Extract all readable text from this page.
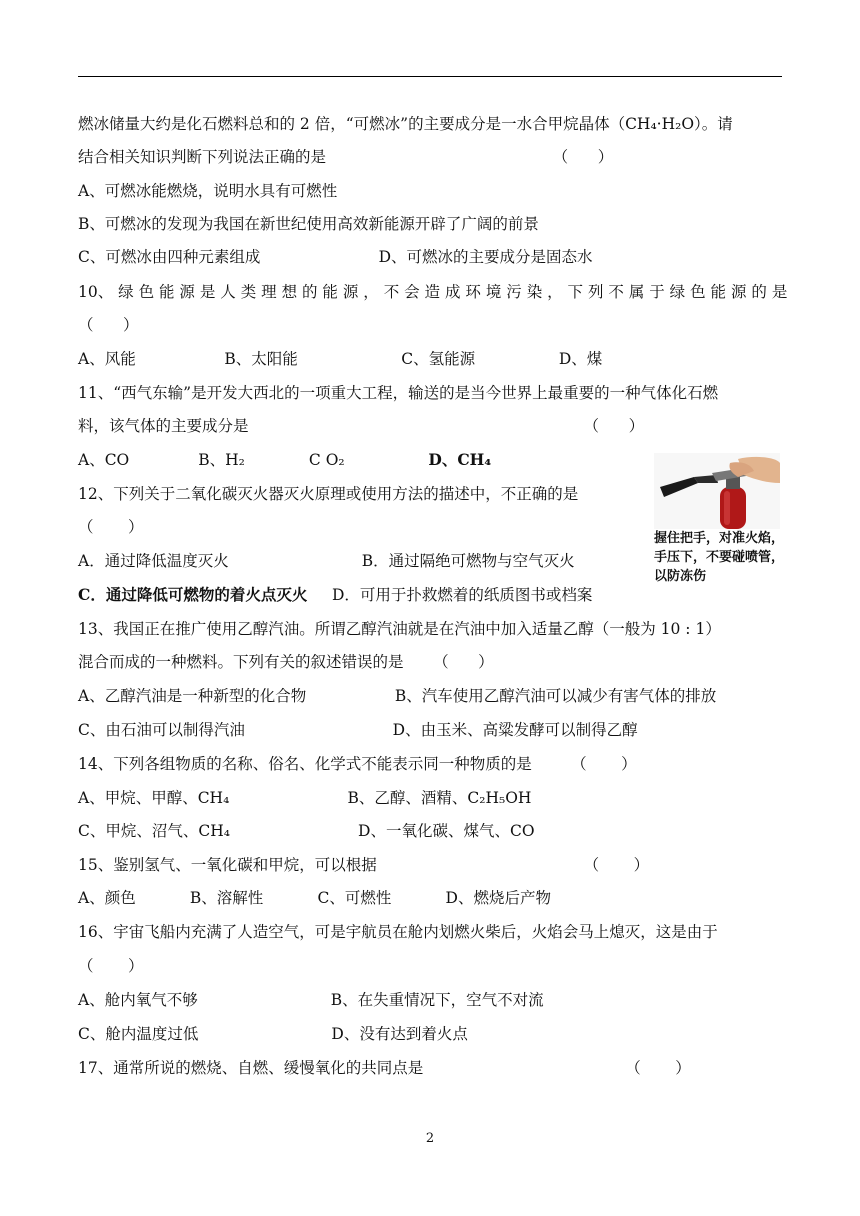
燃冰储量大约是化石燃料总和的 2 倍，“可燃冰”的主要成分是一水合甲烷晶体（CH₄·H₂O）。请
结合相关知识判断下列说法正确的是                                              （      ）
A、可燃冰能燃烧，说明水具有可燃性
B、可燃冰的发现为我国在新世纪使用高效新能源开辟了广阔的前景
C、可燃冰由四种元素组成                        D、可燃冰的主要成分是固态水
10、 绿 色 能 源 是 人 类 理 想 的 能 源 ， 不 会 造 成 环 境 污 染 ， 下 列 不 属 于 绿 色 能 源 的 是
（      ）
A、风能                  B、太阳能                     C、氢能源                 D、煤
11、“西气东输”是开发大西北的一项重大工程，输送的是当今世界上最重要的一种气体化石燃
料，该气体的主要成分是                                                                    （      ）
A、CO              B、H₂             C O₂                 D、CH₄
12、下列关于二氧化碳灭火器灭火原理或使用方法的描述中，不正确的是
（       ）
A．通过降低温度灭火                           B．通过隔绝可燃物与空气灭火
C．通过降低可燃物的着火点灭火     D．可用于扑救燃着的纸质图书或档案
13、我国正在推广使用乙醇汽油。所谓乙醇汽油就是在汽油中加入适量乙醇（一般为 10 : 1）
混合而成的一种燃料。下列有关的叙述错误的是      （      ）
A、乙醇汽油是一种新型的化合物                  B、汽车使用乙醇汽油可以减少有害气体的排放
C、由石油可以制得汽油                              D、由玉米、高粱发酵可以制得乙醇
14、下列各组物质的名称、俗名、化学式不能表示同一种物质的是        （       ）
A、甲烷、甲醇、CH₄                        B、乙醇、酒精、C₂H₅OH
C、甲烷、沼气、CH₄                          D、一氧化碳、煤气、CO
15、鉴别氢气、一氧化碳和甲烷，可以根据                                          （       ）
A、颜色           B、溶解性           C、可燃性           D、燃烧后产物
16、宇宙飞船内充满了人造空气，可是宇航员在舱内划燃火柴后，火焰会马上熄灭，这是由于
（       ）
A、舱内氧气不够                           B、在失重情况下，空气不对流
C、舱内温度过低                           D、没有达到着火点
17、通常所说的燃烧、自燃、缓慢氧化的共同点是                                         （       ）
握住把手，对准火焰，
手压下，不要碰喷管，
以防冻伤
2
